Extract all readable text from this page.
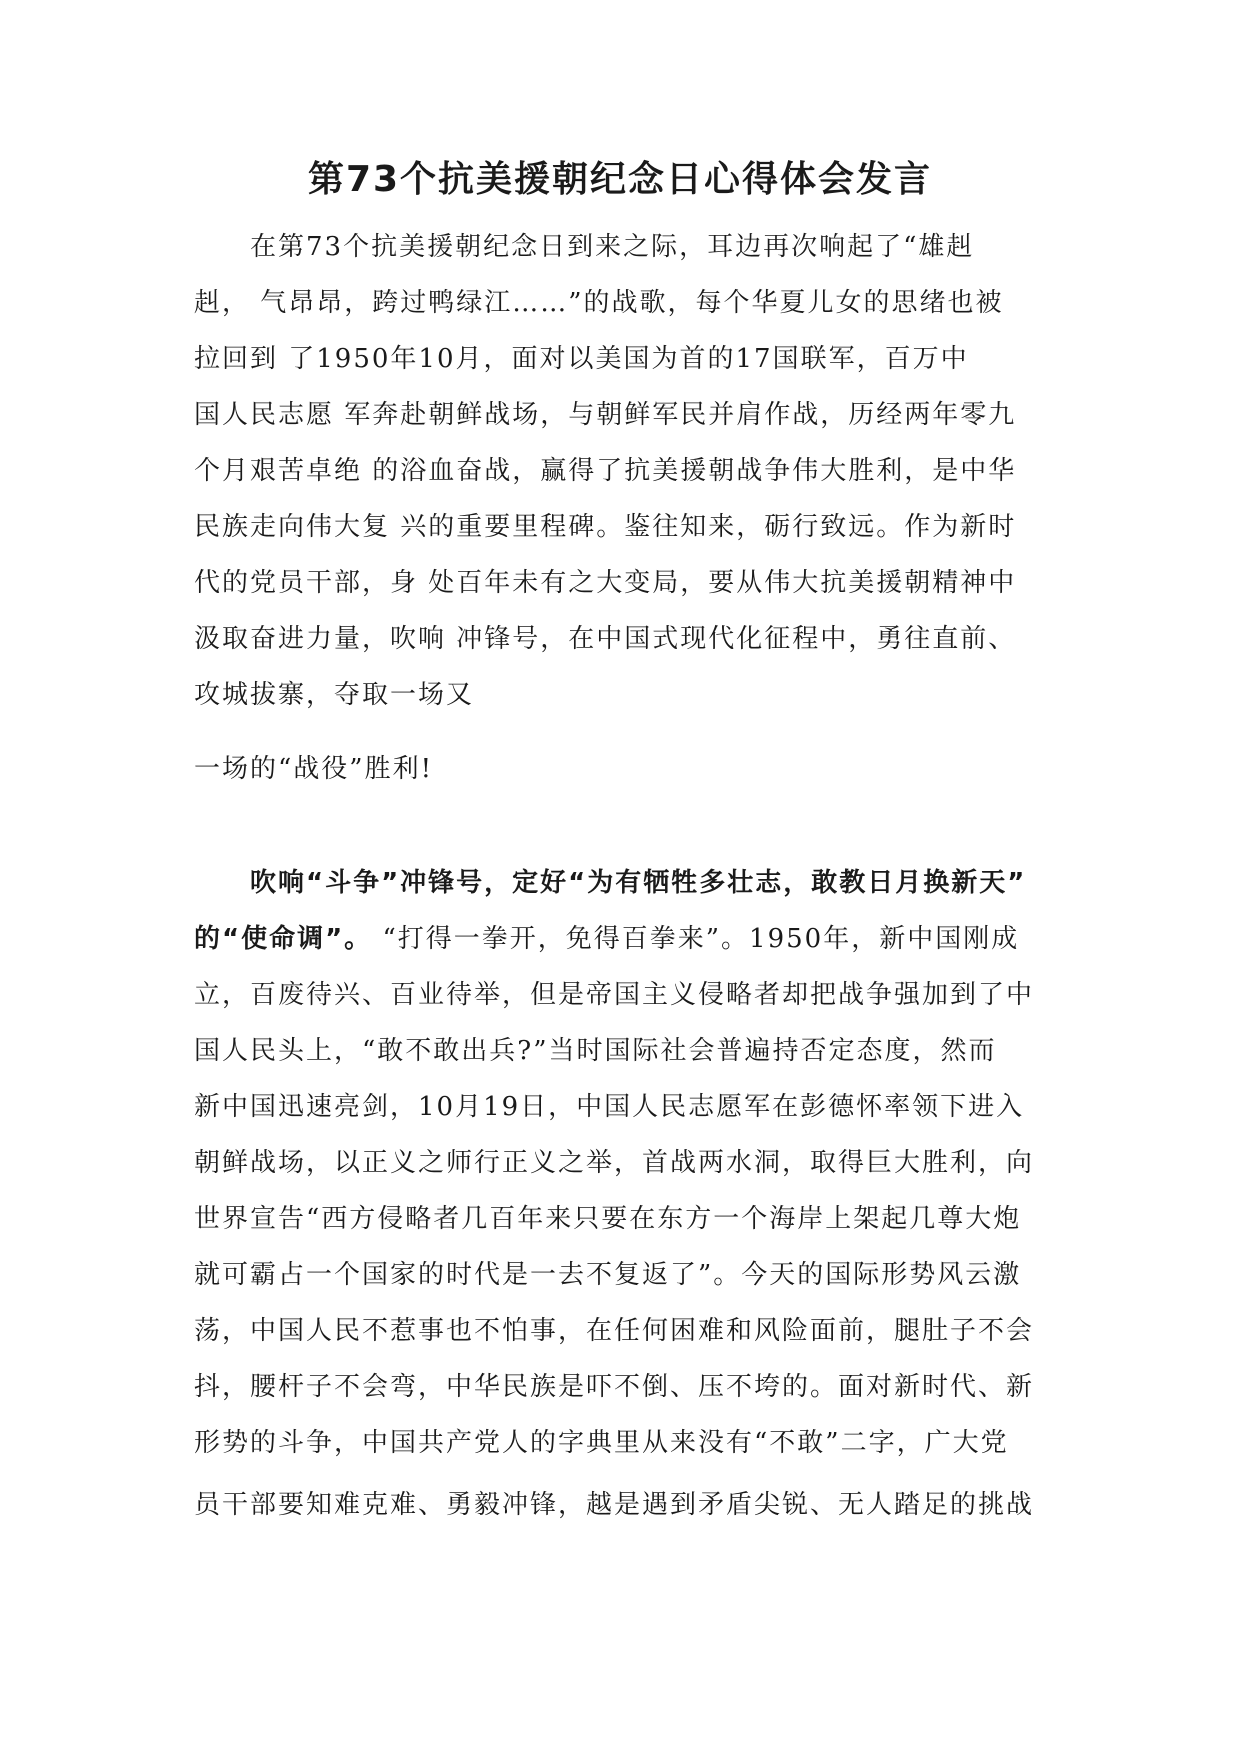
第73个抗美援朝纪念日心得体会发言
在第73个抗美援朝纪念日到来之际，耳边再次响起了“雄赳
赳， 气昂昂，跨过鸭绿江……”的战歌，每个华夏儿女的思绪也被
拉回到 了1950年10月，面对以美国为首的17国联军，百万中
国人民志愿 军奔赴朝鲜战场，与朝鲜军民并肩作战，历经两年零九
个月艰苦卓绝 的浴血奋战，赢得了抗美援朝战争伟大胜利，是中华
民族走向伟大复 兴的重要里程碑。鉴往知来，砺行致远。作为新时
代的党员干部，身 处百年未有之大变局，要从伟大抗美援朝精神中
汲取奋进力量，吹响 冲锋号，在中国式现代化征程中，勇往直前、
攻城拔寨，夺取一场又
一场的“战役”胜利!
吹响“斗争”冲锋号，定好“为有牺牲多壮志，敢教日月换新天”
的“使命调”。 “打得一拳开，免得百拳来”。1950年，新中国刚成
立，百废待兴、百业待举，但是帝国主义侵略者却把战争强加到了中
国人民头上，“敢不敢出兵?”当时国际社会普遍持否定态度，然而
新中国迅速亮剑，10月19日，中国人民志愿军在彭德怀率领下进入
朝鲜战场，以正义之师行正义之举，首战两水洞，取得巨大胜利，向
世界宣告“西方侵略者几百年来只要在东方一个海岸上架起几尊大炮
就可霸占一个国家的时代是一去不复返了”。今天的国际形势风云激
荡，中国人民不惹事也不怕事，在任何困难和风险面前，腿肚子不会
抖，腰杆子不会弯，中华民族是吓不倒、压不垮的。面对新时代、新
形势的斗争，中国共产党人的字典里从来没有“不敢”二字，广大党
员干部要知难克难、勇毅冲锋，越是遇到矛盾尖锐、无人踏足的挑战
